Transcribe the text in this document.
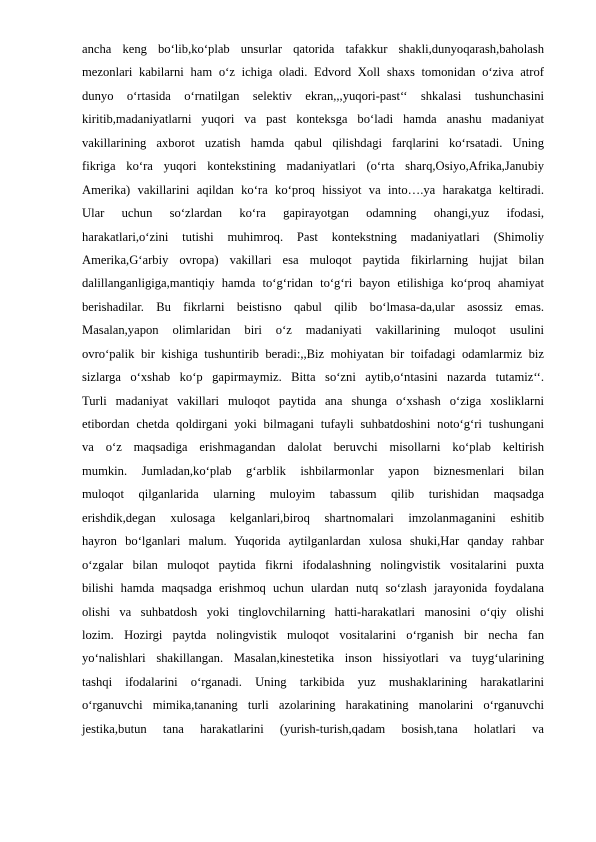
ancha keng bo‘lib,ko‘plab unsurlar qatorida tafakkur shakli,dunyoqarash,baholash
mezonlari kabilarni ham o‘z ichiga oladi. Edvord Xoll shaxs tomonidan o‘ziva atrof
dunyo o‘rtasida o‘rnatilgan selektiv ekran,,,yuqori-past‘‘ shkalasi tushunchasini
kiritib,madaniyatlarni yuqori va past konteksga bo‘ladi hamda anashu madaniyat
vakillarining axborot uzatish hamda qabul qilishdagi farqlarini ko‘rsatadi. Uning
fikriga ko‘ra yuqori kontekstining madaniyatlari (o‘rta sharq,Osiyo,Afrika,Janubiy
Amerika) vakillarini aqildan ko‘ra ko‘proq hissiyot va into….ya harakatga keltiradi.
Ular uchun so‘zlardan ko‘ra gapirayotgan odamning ohangi,yuz ifodasi,
harakatlari,o‘zini tutishi muhimroq. Past kontekstning madaniyatlari (Shimoliy
Amerika,G‘arbiy ovropa) vakillari esa muloqot paytida fikirlarning hujjat bilan
dalillanganligiga,mantiqiy hamda to‘g‘ridan to‘g‘ri bayon etilishiga ko‘proq ahamiyat
berishadilar. Bu fikrlarni beistisno qabul qilib bo‘lmasa-da,ular asossiz emas.
Masalan,yapon olimlaridan biri o‘z madaniyati vakillarining muloqot usulini
ovro‘palik bir kishiga tushuntirib beradi:,,Biz mohiyatan bir toifadagi odamlarmiz biz
sizlarga o‘xshab ko‘p gapirmaymiz. Bitta so‘zni aytib,o‘ntasini nazarda tutamiz‘‘.
Turli madaniyat vakillari muloqot paytida ana shunga o‘xshash o‘ziga xosliklarni
etibordan chetda qoldirgani yoki bilmagani tufayli suhbatdoshini noto‘g‘ri tushungani
va o‘z maqsadiga erishmagandan dalolat beruvchi misollarni ko‘plab keltirish
mumkin. Jumladan,ko‘plab g‘arblik ishbilarmonlar yapon biznesmenlari bilan
muloqot qilganlarida ularning muloyim tabassum qilib turishidan maqsadga
erishdik,degan xulosaga kelganlari,biroq shartnomalari imzolanmaganini eshitib
hayron bo‘lganlari malum. Yuqorida aytilganlardan xulosa shuki,Har qanday rahbar
o‘zgalar bilan muloqot paytida fikrni ifodalashning nolingvistik vositalarini puxta
bilishi hamda maqsadga erishmoq uchun ulardan nutq so‘zlash jarayonida foydalana
olishi va suhbatdosh yoki tinglovchilarning hatti-harakatlari manosini o‘qiy olishi
lozim. Hozirgi paytda nolingvistik muloqot vositalarini o‘rganish bir necha fan
yo‘nalishlari shakillangan. Masalan,kinestetika inson hissiyotlari va tuyg‘ularining
tashqi ifodalarini o‘rganadi. Uning tarkibida yuz mushaklarining harakatlarini
o‘rganuvchi mimika,tananing turli azolarining harakatining manolarini o‘rganuvchi
jestika,butun tana harakatlarini (yurish-turish,qadam bosish,tana holatlari va
